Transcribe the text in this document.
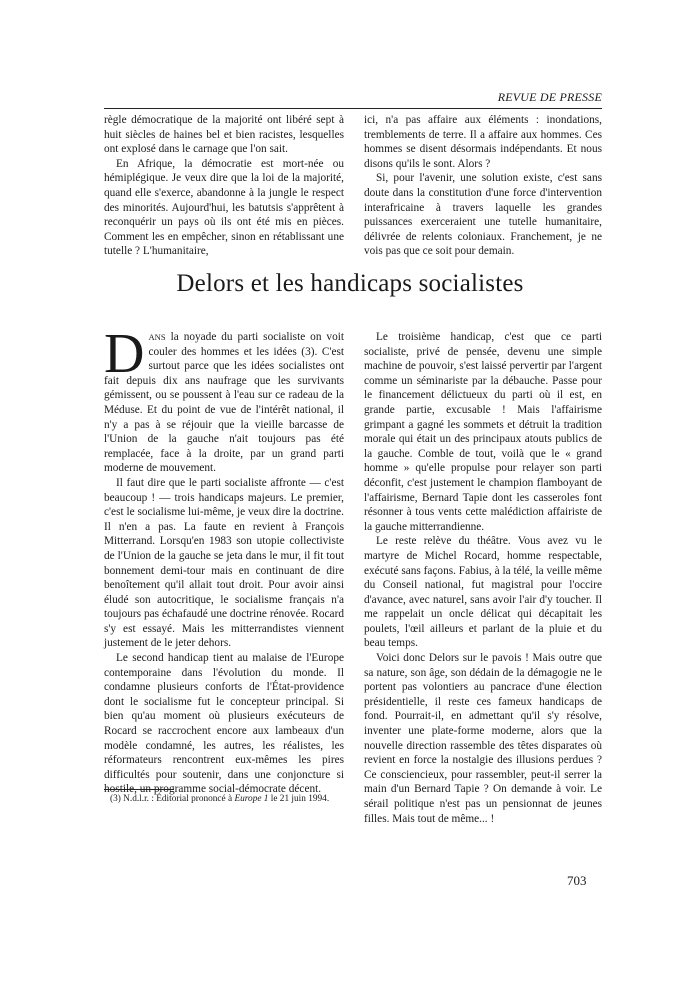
REVUE DE PRESSE

règle démocratique de la majorité ont libéré sept à huit siècles de haines bel et bien racistes, lesquelles ont explosé dans le carnage que l'on sait.

En Afrique, la démocratie est mort-née ou hémiplégique. Je veux dire que la loi de la majorité, quand elle s'exerce, abandonne à la jungle le respect des minorités. Aujourd'hui, les batutsis s'apprêtent à reconquérir un pays où ils ont été mis en pièces. Comment les en empêcher, sinon en rétablissant une tutelle ? L'humanitaire,

ici, n'a pas affaire aux éléments : inondations, tremblements de terre. Il a affaire aux hommes. Ces hommes se disent désormais indépendants. Et nous disons qu'ils le sont. Alors ?

Si, pour l'avenir, une solution existe, c'est sans doute dans la constitution d'une force d'intervention interafricaine à travers laquelle les grandes puissances exerceraient une tutelle humanitaire, délivrée de relents coloniaux. Franchement, je ne vois pas que ce soit pour demain.

Delors et les handicaps socialistes

DANS la noyade du parti socialiste on voit couler des hommes et les idées (3). C'est surtout parce que les idées socialistes ont fait depuis dix ans naufrage que les survivants gémissent, ou se poussent à l'eau sur ce radeau de la Méduse. Et du point de vue de l'intérêt national, il n'y a pas à se réjouir que la vieille barcasse de l'Union de la gauche n'ait toujours pas été remplacée, face à la droite, par un grand parti moderne de mouvement.

Il faut dire que le parti socialiste affronte — c'est beaucoup ! — trois handicaps majeurs. Le premier, c'est le socialisme lui-même, je veux dire la doctrine. Il n'en a pas. La faute en revient à François Mitterrand. Lorsqu'en 1983 son utopie collectiviste de l'Union de la gauche se jeta dans le mur, il fit tout bonnement demi-tour mais en continuant de dire benoîtement qu'il allait tout droit. Pour avoir ainsi éludé son autocritique, le socialisme français n'a toujours pas échafaudé une doctrine rénovée. Rocard s'y est essayé. Mais les mitterrandistes viennent justement de le jeter dehors.

Le second handicap tient au malaise de l'Europe contemporaine dans l'évolution du monde. Il condamne plusieurs conforts de l'État-providence dont le socialisme fut le concepteur principal. Si bien qu'au moment où plusieurs exécuteurs de Rocard se raccrochent encore aux lambeaux d'un modèle condamné, les autres, les réalistes, les réformateurs rencontrent eux-mêmes les pires difficultés pour soutenir, dans une conjoncture si hostile, un programme social-démocrate décent.

Le troisième handicap, c'est que ce parti socialiste, privé de pensée, devenu une simple machine de pouvoir, s'est laissé pervertir par l'argent comme un séminariste par la débauche. Passe pour le financement délictueux du parti où il est, en grande partie, excusable ! Mais l'affairisme grimpant a gagné les sommets et détruit la tradition morale qui était un des principaux atouts publics de la gauche. Comble de tout, voilà que le « grand homme » qu'elle propulse pour relayer son parti déconfit, c'est justement le champion flamboyant de l'affairisme, Bernard Tapie dont les casseroles font résonner à tous vents cette malédiction affairiste de la gauche mitterrandienne.

Le reste relève du théâtre. Vous avez vu le martyre de Michel Rocard, homme respectable, exécuté sans façons. Fabius, à la télé, la veille même du Conseil national, fut magistral pour l'occire d'avance, avec naturel, sans avoir l'air d'y toucher. Il me rappelait un oncle délicat qui décapitait les poulets, l'œil ailleurs et parlant de la pluie et du beau temps.

Voici donc Delors sur le pavois ! Mais outre que sa nature, son âge, son dédain de la démagogie ne le portent pas volontiers au pancrace d'une élection présidentielle, il reste ces fameux handicaps de fond. Pourrait-il, en admettant qu'il s'y résolve, inventer une plate-forme moderne, alors que la nouvelle direction rassemble des têtes disparates où revient en force la nostalgie des illusions perdues ? Ce consciencieux, pour rassembler, peut-il serrer la main d'un Bernard Tapie ? On demande à voir. Le sérail politique n'est pas un pensionnat de jeunes filles. Mais tout de même... !

(3) N.d.l.r. : Éditorial prononcé à Europe 1 le 21 juin 1994.
703
